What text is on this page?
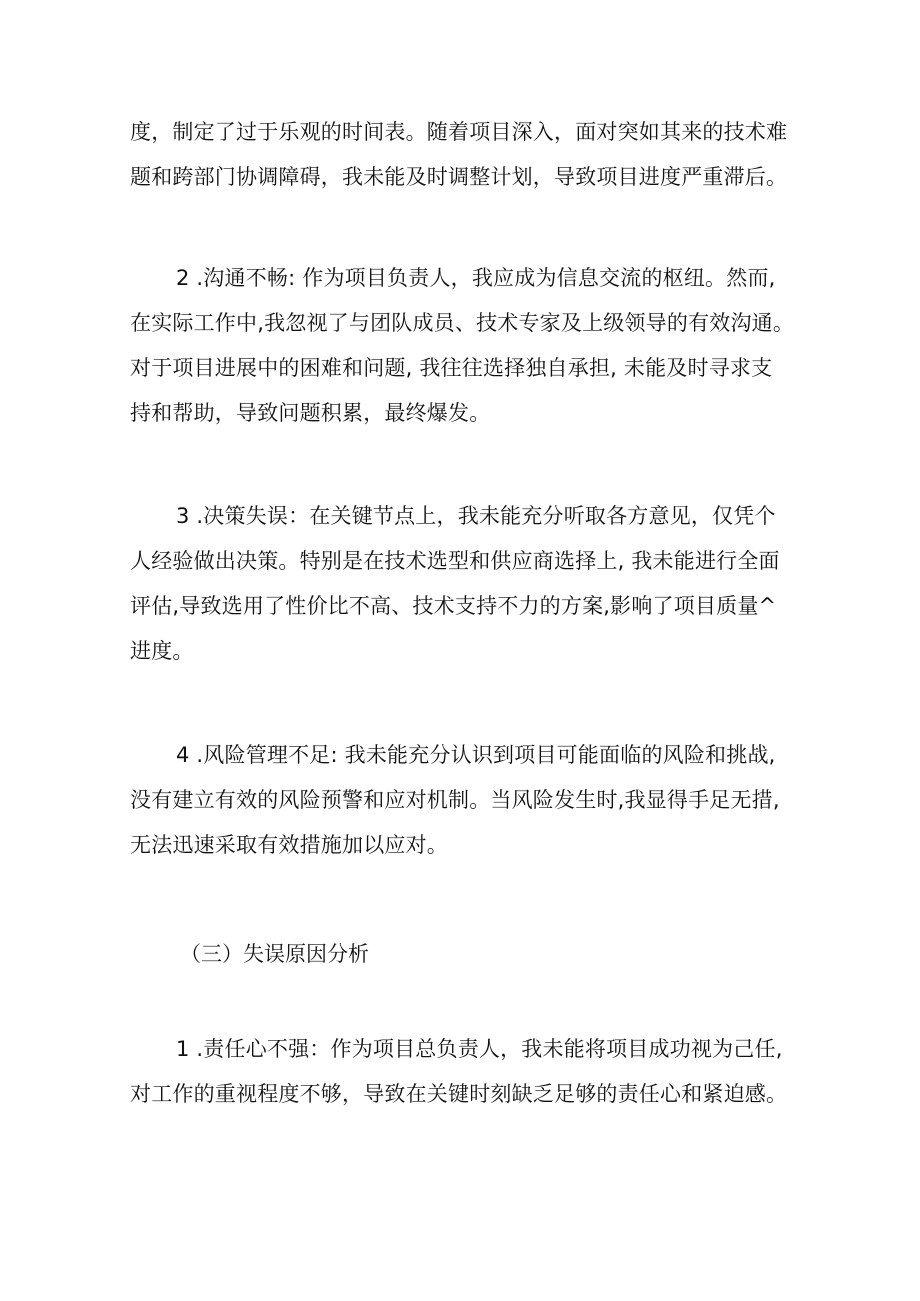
度，制定了过于乐观的时间表。随着项目深入，面对突如其来的技术难
题和跨部门协调障碍，我未能及时调整计划，导致项目进度严重滞后。

2 .沟通不畅: 作为项目负责人，我应成为信息交流的枢纽。然而,
在实际工作中,我忽视了与团队成员、技术专家及上级领导的有效沟通。
对于项目进展中的困难和问题, 我往往选择独自承担, 未能及时寻求支
持和帮助，导致问题积累，最终爆发。

3 .决策失误：在关键节点上，我未能充分听取各方意见，仅凭个
人经验做出决策。特别是在技术选型和供应商选择上, 我未能进行全面
评估,导致选用了性价比不高、技术支持不力的方案,影响了项目质量^
进度。

4 .风险管理不足: 我未能充分认识到项目可能面临的风险和挑战,
没有建立有效的风险预警和应对机制。当风险发生时,我显得手足无措,
无法迅速采取有效措施加以应对。

（三）失误原因分析

1 .责任心不强：作为项目总负责人，我未能将项目成功视为己任,
对工作的重视程度不够，导致在关键时刻缺乏足够的责任心和紧迫感。
